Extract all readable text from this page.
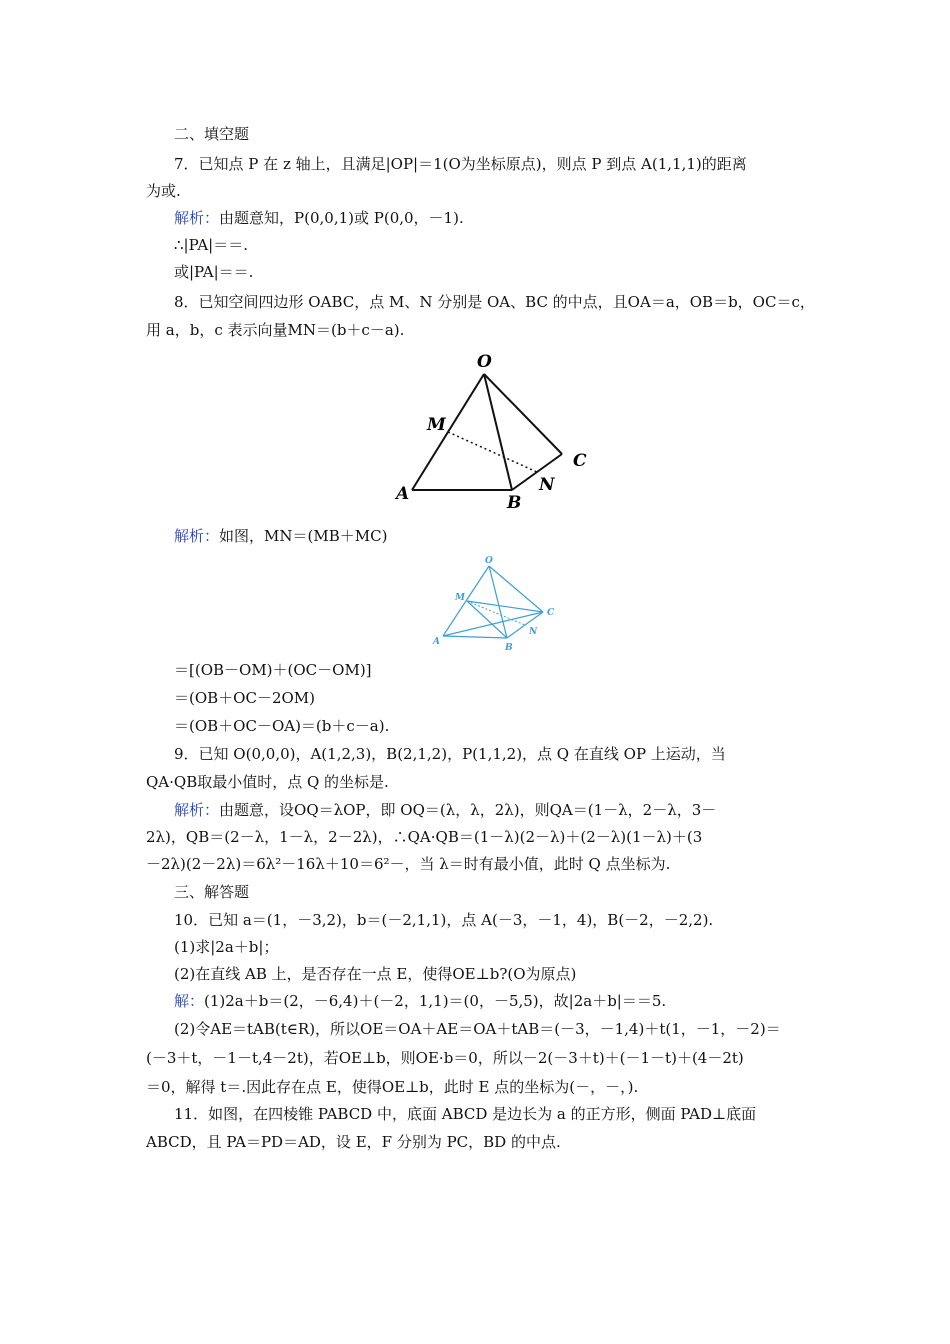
二、填空题
7．已知点 P 在 z 轴上，且满足|OP|＝1(O为坐标原点)，则点 P 到点 A(1,1,1)的距离
为或.
解析：由题意知，P(0,0,1)或 P(0,0，－1).
∴|PA|＝＝.
或|PA|＝＝.
8．已知空间四边形 OABC，点 M、N 分别是 OA、BC 的中点，且OA＝a，OB＝b，OC＝c，
用 a，b，c 表示向量MN＝(b＋c－a).
O
M
A	B
C
N
解析：如图，MN＝(MB＋MC)
O
M
A
B
C
N
＝[(OB－OM)＋(OC－OM)]
＝(OB＋OC－2OM)
＝(OB＋OC－OA)＝(b＋c－a).
9．已知 O(0,0,0)，A(1,2,3)，B(2,1,2)，P(1,1,2)，点 Q 在直线 OP 上运动，当
QA·QB取最小值时，点 Q 的坐标是.
解析：由题意，设OQ＝λOP，即 OQ＝(λ，λ，2λ)，则QA＝(1－λ，2－λ，3－
2λ)，QB＝(2－λ，1－λ，2－2λ)，∴QA·QB＝(1－λ)(2－λ)＋(2－λ)(1－λ)＋(3
－2λ)(2－2λ)＝6λ²－16λ＋10＝6²－，当 λ＝时有最小值，此时 Q 点坐标为.
三、解答题
10．已知 a＝(1，－3,2)，b＝(－2,1,1)，点 A(－3，－1，4)，B(－2，－2,2).
(1)求|2a＋b|；
(2)在直线 AB 上，是否存在一点 E，使得OE⊥b?(O为原点)
解：(1)2a＋b＝(2，－6,4)＋(－2，1,1)＝(0，－5,5)，故|2a＋b|＝＝5.
(2)令AE＝tAB(t∈R)，所以OE＝OA＋AE＝OA＋tAB＝(－3，－1,4)＋t(1，－1，－2)＝
(－3＋t，－1－t,4－2t)，若OE⊥b，则OE·b＝0，所以－2(－3＋t)＋(－1－t)＋(4－2t)
＝0，解得 t＝.因此存在点 E，使得OE⊥b，此时 E 点的坐标为(－，－，).
11．如图，在四棱锥 PABCD 中，底面 ABCD 是边长为 a 的正方形，侧面 PAD⊥底面
ABCD，且 PA＝PD＝AD，设 E，F 分别为 PC，BD 的中点.
